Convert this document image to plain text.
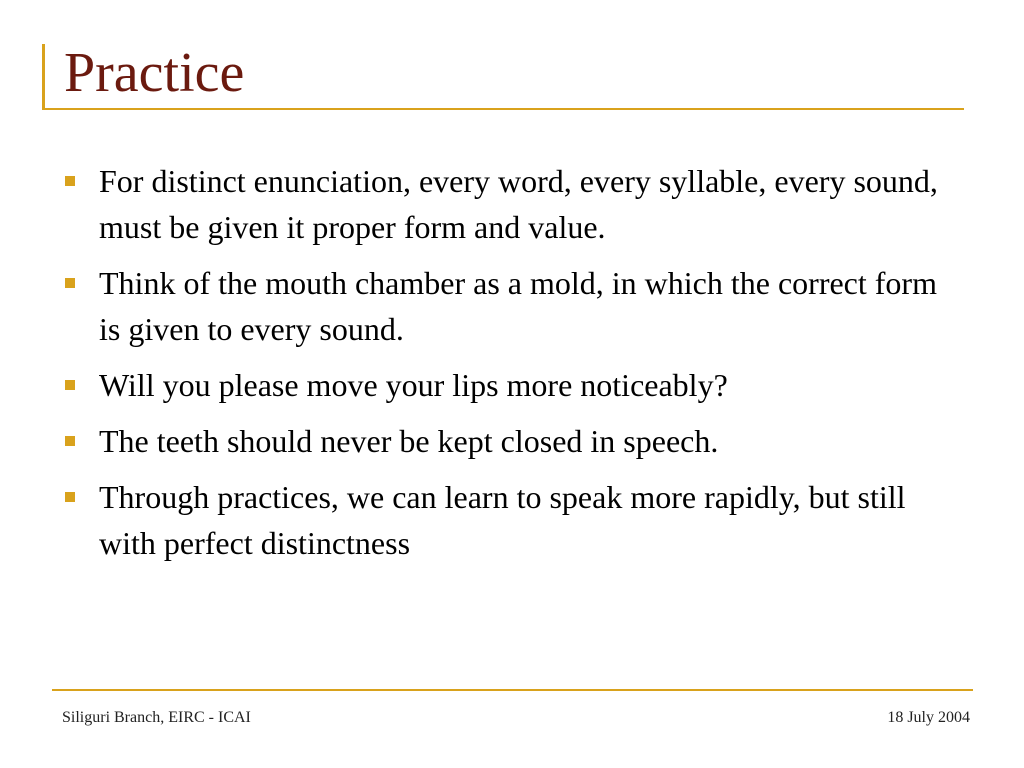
Practice
For distinct enunciation, every word, every syllable, every sound, must be given it proper form and value.
Think of the mouth chamber as a mold, in which the correct form is given to every sound.
Will you please move your lips more noticeably?
The teeth should never be kept closed in speech.
Through practices, we can learn to speak more rapidly, but still with perfect distinctness
Siliguri Branch, EIRC - ICAI	18 July 2004
